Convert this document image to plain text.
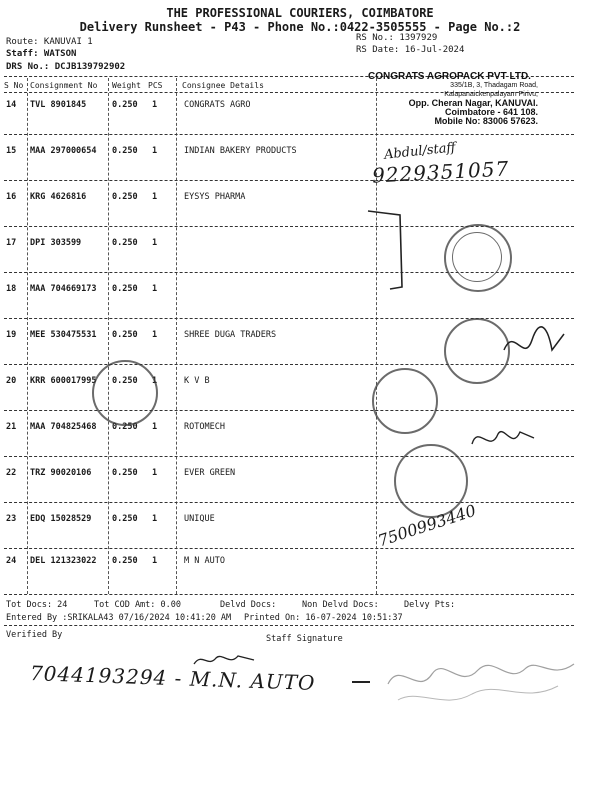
THE PROFESSIONAL COURIERS, COIMBATORE
Delivery Runsheet - P43 - Phone No.:0422-3505555 - Page No.:2
Route: KANUVAI 1
Staff: WATSON
DRS No.: DCJB139792902
RS No.: 1397929
RS Date: 16-Jul-2024
S No Consignment No Weight PCS Consignee Details
14 TVL 8901845	0.250 1	CONGRATS AGRO
15 MAA 297000654 0.250 1	INDIAN BAKERY PRODUCTS
16 KRG 4626816	0.250 1	EYSYS PHARMA
17 DPI 303599	0.250 1
18 MAA 704669173 0.250 1
19 MEE 530475531 0.250 1	SHREE DUGA TRADERS
20 KRR 600017995 0.250 1	K V B
21 MAA 704825468 0.250 1	ROTOMECH
22 TRZ 90020106 0.250 1	EVER GREEN
23 EDQ 15028529 0.250 1	UNIQUE
24 DEL 121323022 0.250 1	M N AUTO
CONGRATS AGROPACK PVT LTD.
335/1B, 3, Thadagam Road,
Kalapanaickenpalayam Pirivu,
Opp. Cheran Nagar, KANUVAI.
Coimbatore - 641 108.
Mobile No: 83006 57623.
Abdul/staff
9229351057
7500993440
Tot Docs: 24	Tot COD Amt: 0.00	Delvd Docs:	Non Delvd Docs:	Delvy Pts:
Entered By :SRIKALA43 07/16/2024 10:41:20 AM Printed On: 16-07-2024 10:51:37
Verified By	Staff Signature
7044193294 - M.N. AUTO
